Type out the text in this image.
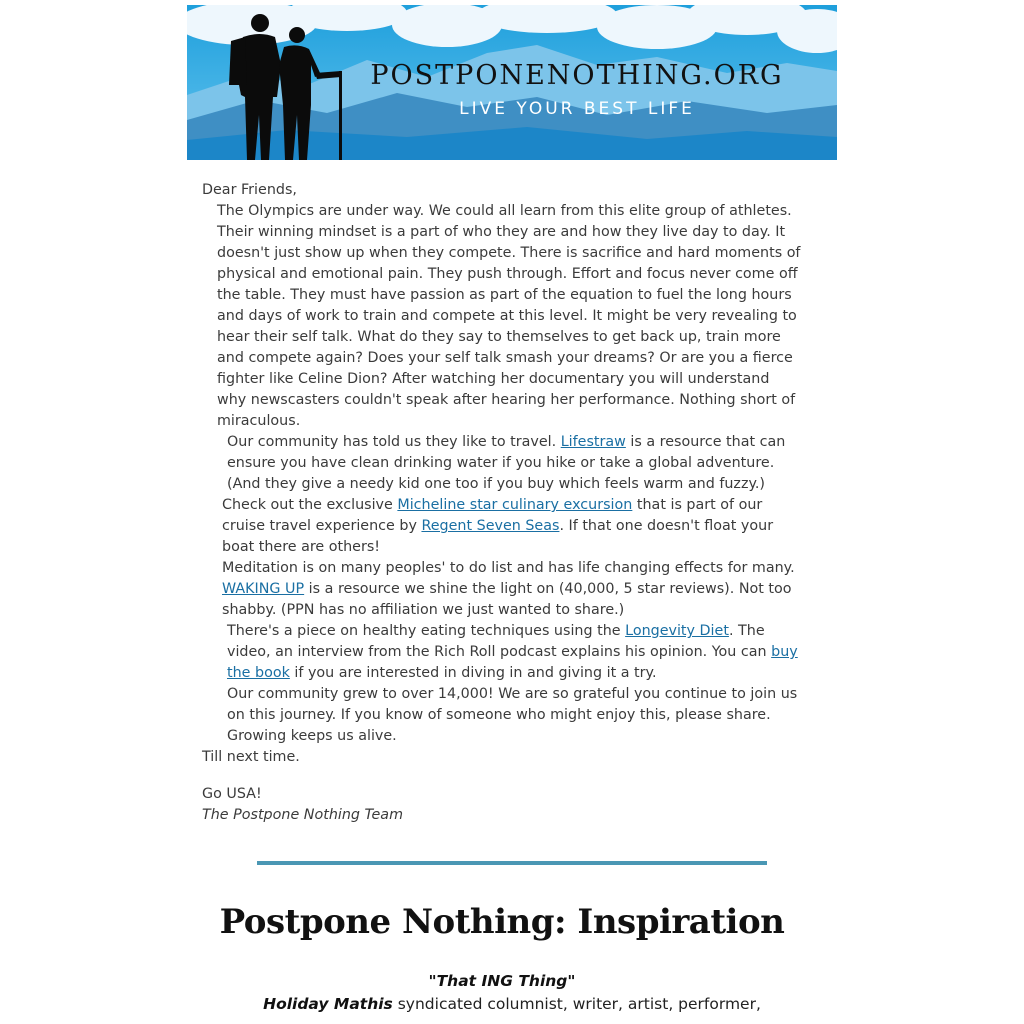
POSTPONENOTHING.ORG
LIVE YOUR BEST LIFE

Dear Friends,

The Olympics are under way. We could all learn from this elite group of athletes. Their winning mindset is a part of who they are and how they live day to day. It doesn't just show up when they compete. There is sacrifice and hard moments of physical and emotional pain. They push through. Effort and focus never come off the table. They must have passion as part of the equation to fuel the long hours and days of work to train and compete at this level. It might be very revealing to hear their self talk. What do they say to themselves to get back up, train more and compete again? Does your self talk smash your dreams? Or are you a fierce fighter like Celine Dion? After watching her documentary you will understand why newscasters couldn't speak after hearing her performance. Nothing short of miraculous.

Our community has told us they like to travel. Lifestraw is a resource that can ensure you have clean drinking water if you hike or take a global adventure. (And they give a needy kid one too if you buy which feels warm and fuzzy.)

Check out the exclusive Micheline star culinary excursion that is part of our cruise travel experience by Regent Seven Seas. If that one doesn't float your boat there are others!

Meditation is on many peoples' to do list and has life changing effects for many. WAKING UP is a resource we shine the light on (40,000, 5 star reviews). Not too shabby. (PPN has no affiliation we just wanted to share.)

There's a piece on healthy eating techniques using the Longevity Diet. The video, an interview from the Rich Roll podcast explains his opinion. You can buy the book if you are interested in diving in and giving it a try.

Our community grew to over 14,000! We are so grateful you continue to join us on this journey. If you know of someone who might enjoy this, please share. Growing keeps us alive.

Till next time.

Go USA!

The Postpone Nothing Team

Postpone Nothing: Inspiration
"That ING Thing"
Holiday Mathis syndicated columnist, writer, artist, performer,
